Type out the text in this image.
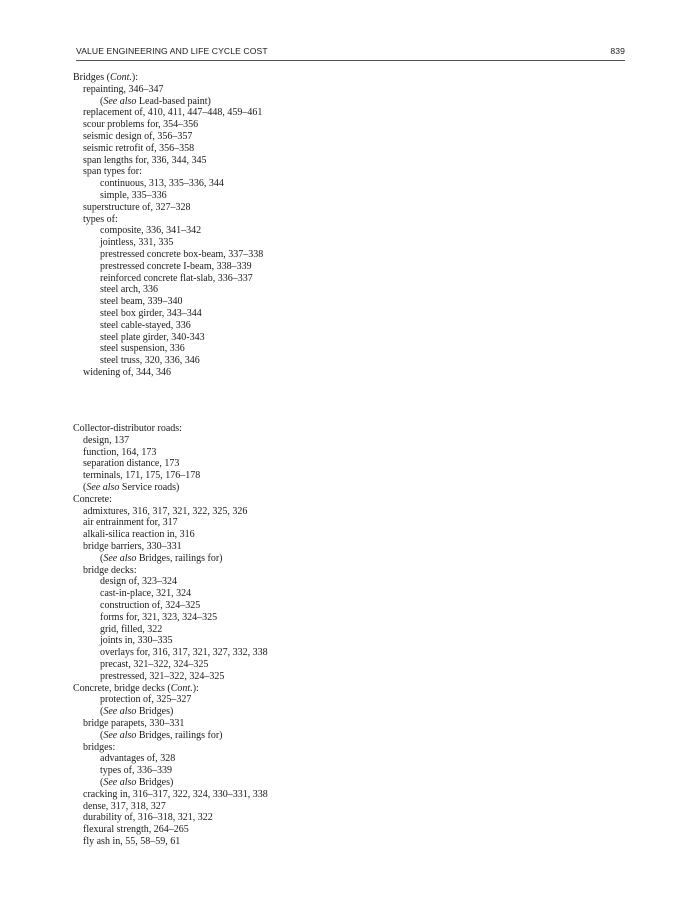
VALUE ENGINEERING AND LIFE CYCLE COST	839
Bridges (Cont.):
repainting, 346–347
(See also Lead-based paint)
replacement of, 410, 411, 447–448, 459–461
scour problems for, 354–356
seismic design of, 356–357
seismic retrofit of, 356–358
span lengths for, 336, 344, 345
span types for:
continuous, 313, 335–336, 344
simple, 335–336
superstructure of, 327–328
types of:
composite, 336, 341–342
jointless, 331, 335
prestressed concrete box-beam, 337–338
prestressed concrete I-beam, 338–339
reinforced concrete flat-slab, 336–337
steel arch, 336
steel beam, 339–340
steel box girder, 343–344
steel cable-stayed, 336
steel plate girder, 340-343
steel suspension, 336
steel truss, 320, 336, 346
widening of, 344, 346
Collector-distributor roads:
design, 137
function, 164, 173
separation distance, 173
terminals, 171, 175, 176–178
(See also Service roads)
Concrete:
admixtures, 316, 317, 321, 322, 325, 326
air entrainment for, 317
alkali-silica reaction in, 316
bridge barriers, 330–331
(See also Bridges, railings for)
bridge decks:
design of, 323–324
cast-in-place, 321, 324
construction of, 324–325
forms for, 321, 323, 324–325
grid, filled, 322
joints in, 330–335
overlays for, 316, 317, 321, 327, 332, 338
precast, 321–322, 324–325
prestressed, 321–322, 324–325
Concrete, bridge decks (Cont.):
protection of, 325–327
(See also Bridges)
bridge parapets, 330–331
(See also Bridges, railings for)
bridges:
advantages of, 328
types of, 336–339
(See also Bridges)
cracking in, 316–317, 322, 324, 330–331, 338
dense, 317, 318, 327
durability of, 316–318, 321, 322
flexural strength, 264–265
fly ash in, 55, 58–59, 61
